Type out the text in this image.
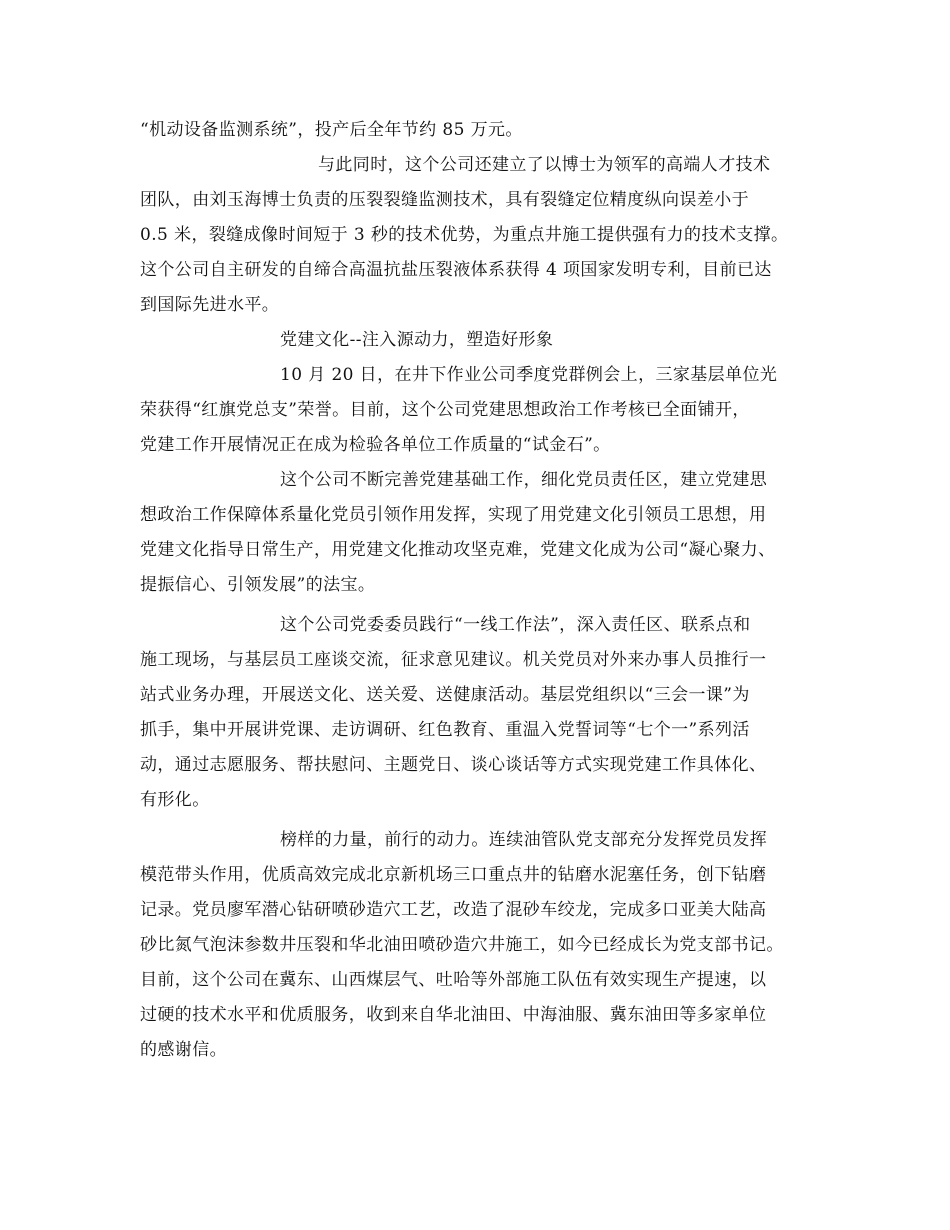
“机动设备监测系统”，投产后全年节约 85 万元。
与此同时，这个公司还建立了以博士为领军的高端人才技术
团队，由刘玉海博士负责的压裂裂缝监测技术，具有裂缝定位精度纵向误差小于
0.5 米，裂缝成像时间短于 3 秒的技术优势，为重点井施工提供强有力的技术支撑。
这个公司自主研发的自缔合高温抗盐压裂液体系获得 4 项国家发明专利，目前已达
到国际先进水平。
党建文化--注入源动力，塑造好形象
10 月 20 日，在井下作业公司季度党群例会上，三家基层单位光
荣获得“红旗党总支”荣誉。目前，这个公司党建思想政治工作考核已全面铺开，
党建工作开展情况正在成为检验各单位工作质量的“试金石”。
这个公司不断完善党建基础工作，细化党员责任区，建立党建思
想政治工作保障体系量化党员引领作用发挥，实现了用党建文化引领员工思想，用
党建文化指导日常生产，用党建文化推动攻坚克难，党建文化成为公司“凝心聚力、
提振信心、引领发展”的法宝。
这个公司党委委员践行“一线工作法”，深入责任区、联系点和
施工现场，与基层员工座谈交流，征求意见建议。机关党员对外来办事人员推行一
站式业务办理，开展送文化、送关爱、送健康活动。基层党组织以“三会一课”为
抓手，集中开展讲党课、走访调研、红色教育、重温入党誓词等“七个一”系列活
动，通过志愿服务、帮扶慰问、主题党日、谈心谈话等方式实现党建工作具体化、
有形化。
榜样的力量，前行的动力。连续油管队党支部充分发挥党员发挥
模范带头作用，优质高效完成北京新机场三口重点井的钻磨水泥塞任务，创下钻磨
记录。党员廖军潜心钻研喷砂造穴工艺，改造了混砂车绞龙，完成多口亚美大陆高
砂比氮气泡沫参数井压裂和华北油田喷砂造穴井施工，如今已经成长为党支部书记。
目前，这个公司在冀东、山西煤层气、吐哈等外部施工队伍有效实现生产提速，以
过硬的技术水平和优质服务，收到来自华北油田、中海油服、冀东油田等多家单位
的感谢信。
